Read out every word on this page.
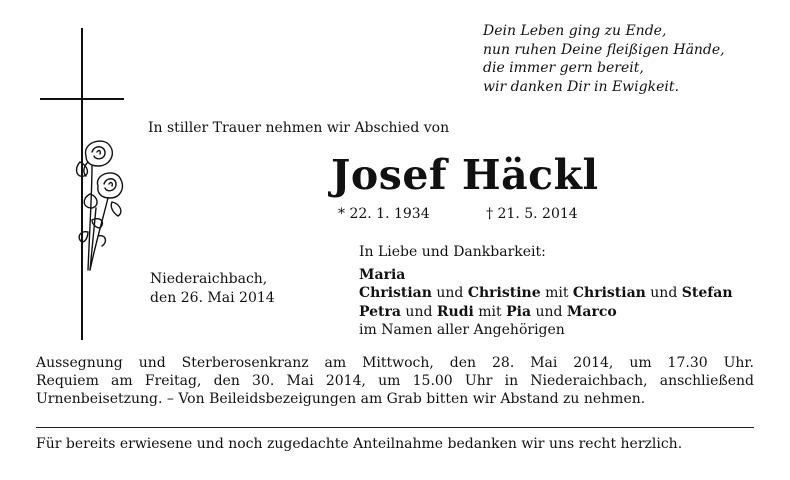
Dein Leben ging zu Ende,
nun ruhen Deine fleißigen Hände,
die immer gern bereit,
wir danken Dir in Ewigkeit.
In stiller Trauer nehmen wir Abschied von
Josef Häckl
* 22. 1. 1934	† 21. 5. 2014
Niederaichbach,
den 26. Mai 2014
In Liebe und Dankbarkeit:
Maria
Christian und Christine mit Christian und Stefan
Petra und Rudi mit Pia und Marco
im Namen aller Angehörigen
Aussegnung und Sterberosenkranz am Mittwoch, den 28. Mai 2014, um 17.30 Uhr.
Requiem am Freitag, den 30. Mai 2014, um 15.00 Uhr in Niederaichbach, anschließend
Urnenbeisetzung. – Von Beileidsbezeigungen am Grab bitten wir Abstand zu nehmen.
Für bereits erwiesene und noch zugedachte Anteilnahme bedanken wir uns recht herzlich.
